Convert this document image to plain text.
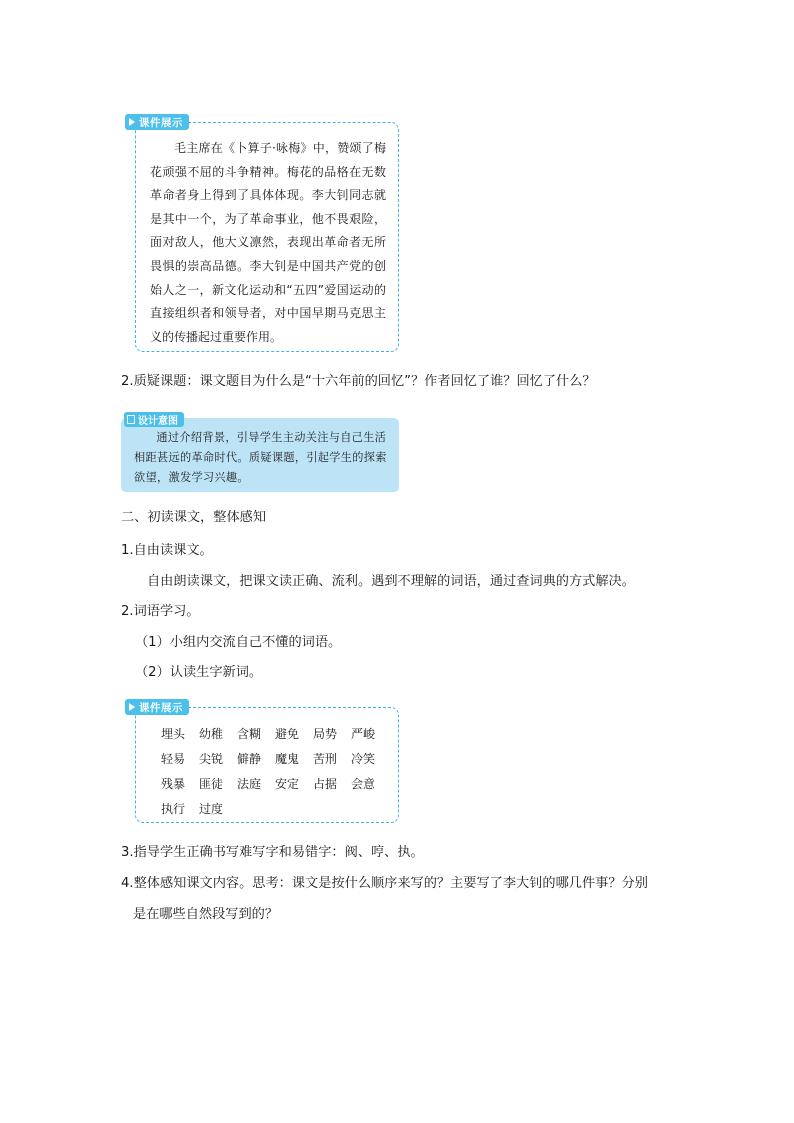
课件展示

毛主席在《卜算子·咏梅》中，赞颂了梅花顽强不屈的斗争精神。梅花的品格在无数革命者身上得到了具体体现。李大钊同志就是其中一个，为了革命事业，他不畏艰险，面对敌人，他大义凛然，表现出革命者无所畏惧的崇高品德。李大钊是中国共产党的创始人之一，新文化运动和“五四”爱国运动的直接组织者和领导者，对中国早期马克思主义的传播起过重要作用。

2.质疑课题：课文题目为什么是“十六年前的回忆”？作者回忆了谁？回忆了什么？
设计意图

通过介绍背景，引导学生主动关注与自己生活相距甚远的革命时代。质疑课题，引起学生的探索欲望，激发学习兴趣。

二、初读课文，整体感知
1.自由读课文。
自由朗读课文，把课文读正确、流利。遇到不理解的词语，通过查词典的方式解决。
2.词语学习。
（1）小组内交流自己不懂的词语。
（2）认读生字新词。
课件展示
埋头	幼稚	含糊	避免	局势	严峻
轻易	尖锐	僻静	魔鬼	苦刑	冷笑
残暴	匪徒	法庭	安定	占据	会意
执行	过度
3.指导学生正确书写难写字和易错字：阀、哼、执。
4.整体感知课文内容。思考：课文是按什么顺序来写的？主要写了李大钊的哪几件事？分别
是在哪些自然段写到的？
